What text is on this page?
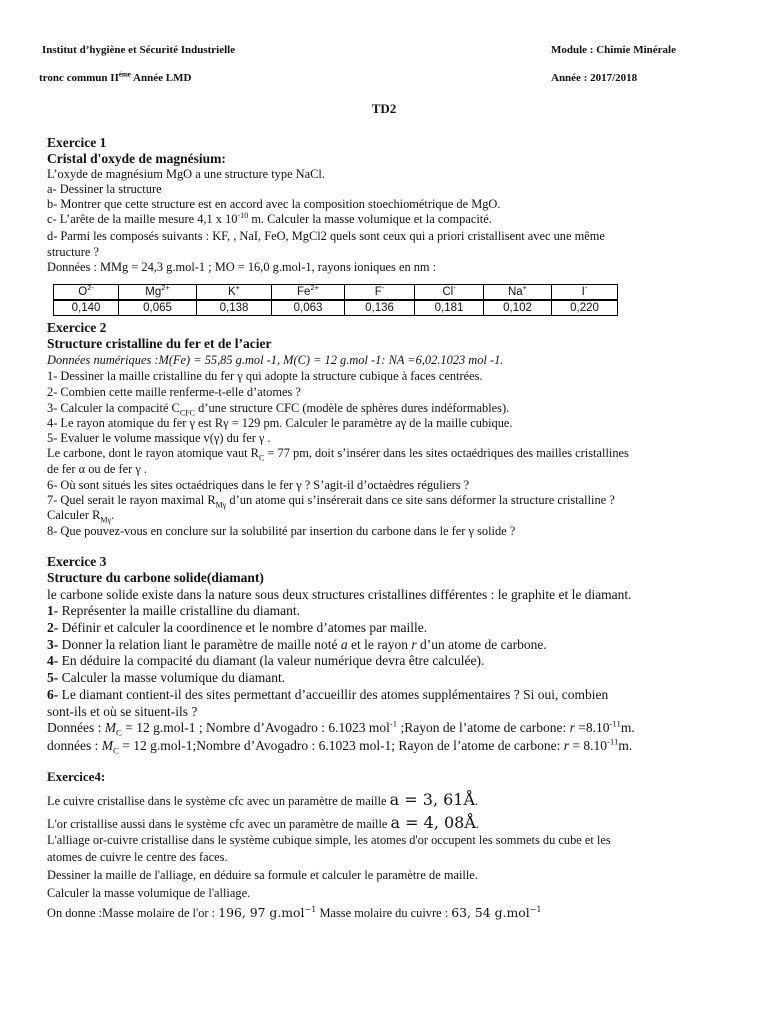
Institut d’hygiène et Sécurité Industrielle	Module : Chimie Minérale
tronc commun $II^{éme}$ Année LMD	Année : 2017/2018
TD2
Exercice 1
Cristal d'oxyde de magnésium:
L’oxyde de magnésium MgO a une structure type NaCl.
a- Dessiner la structure
b- Montrer que cette structure est en accord avec la composition stoechiométrique de MgO.
c- L’arête de la maille mesure 4,1 x $10^{-10}$ m. Calculer la masse volumique et la compacité.
d- Parmi les composés suivants : KF, , NaI, FeO, MgCl2 quels sont ceux qui a priori cristallisent avec une même
structure ?
Données : MMg = 24,3 g.mol-1 ; MO = 16,0 g.mol-1, rayons ioniques en nm :
$O^{2-}$	$Mg^{2+}$	K+	$Fe^{2+}$	F-	Cl-	Na+	I-
0,140	0,065	0,138	0,063	0,136	0,181	0,102	0,220
Exercice 2
Structure cristalline du fer et de l’acier
Données numériques :M(Fe) = 55,85 g.mol -1, M(C) = 12 g.mol -1: NA =6,02.1023 mol -1.
1- Dessiner la maille cristalline du fer γ qui adopte la structure cubique à faces centrées.
2- Combien cette maille renferme-t-elle d’atomes ?
3- Calculer la compacité $C_{CFC}$ d’une structure CFC (modèle de sphères dures indéformables).
4- Le rayon atomique du fer γ est Rγ = 129 pm. Calculer le paramètre aγ de la maille cubique.
5- Evaluer le volume massique v(γ) du fer γ .
Le carbone, dont le rayon atomique vaut $R_C = 77$ pm, doit s’insérer dans les sites octaédriques des mailles cristallines
de fer α ou de fer γ .
6- Où sont situés les sites octaédriques dans le fer γ ? S’agit-il d’octaèdres réguliers ?
7- Quel serait le rayon maximal $R_{M\gamma}$ d’un atome qui s’insérerait dans ce site sans déformer la structure cristalline ?
Calculer $R_{M\gamma}$.
8- Que pouvez-vous en conclure sur la solubilité par insertion du carbone dans le fer γ solide ?
Exercice 3
Structure du carbone solide(diamant)
le carbone solide existe dans la nature sous deux structures cristallines différentes : le graphite et le diamant.
1- Représenter la maille cristalline du diamant.
2- Définir et calculer la coordinence et le nombre d’atomes par maille.
3- Donner la relation liant le paramètre de maille noté a et le rayon r d’un atome de carbone.
4- En déduire la compacité du diamant (la valeur numérique devra être calculée).
5- Calculer la masse volumique du diamant.
6- Le diamant contient-il des sites permettant d’accueillir des atomes supplémentaires ? Si oui, combien
sont-ils et où se situent-ils ?
Données : $M_C = 12$ g.mol-1 ; Nombre d’Avogadro : 6.1023 mol$^{-1}$ ;Rayon de l’atome de carbone: $r =8.10^{-11}m$.
données : $M_C = 12$ g.mol-1;Nombre d’Avogadro : 6.1023 mol-1; Rayon de l’atome de carbone: $r = 8.10^{-11}m$.
Exercice4:
Le cuivre cristallise dans le système cfc avec un paramètre de maille a = 3, 61Å.
L'or cristallise aussi dans le système cfc avec un paramètre de maille a = 4, 08Å.
L'alliage or-cuivre cristallise dans le système cubique simple, les atomes d'or occupent les sommets du cube et les
atomes de cuivre le centre des faces.
Dessiner la maille de l'alliage, en déduire sa formule et calculer le paramètre de maille.
Calculer la masse volumique de l'alliage.
On donne :Masse molaire de l'or : 196, 97 g.mol$^{-1}$ Masse molaire du cuivre : 63, 54 g.mol$^{-1}$
